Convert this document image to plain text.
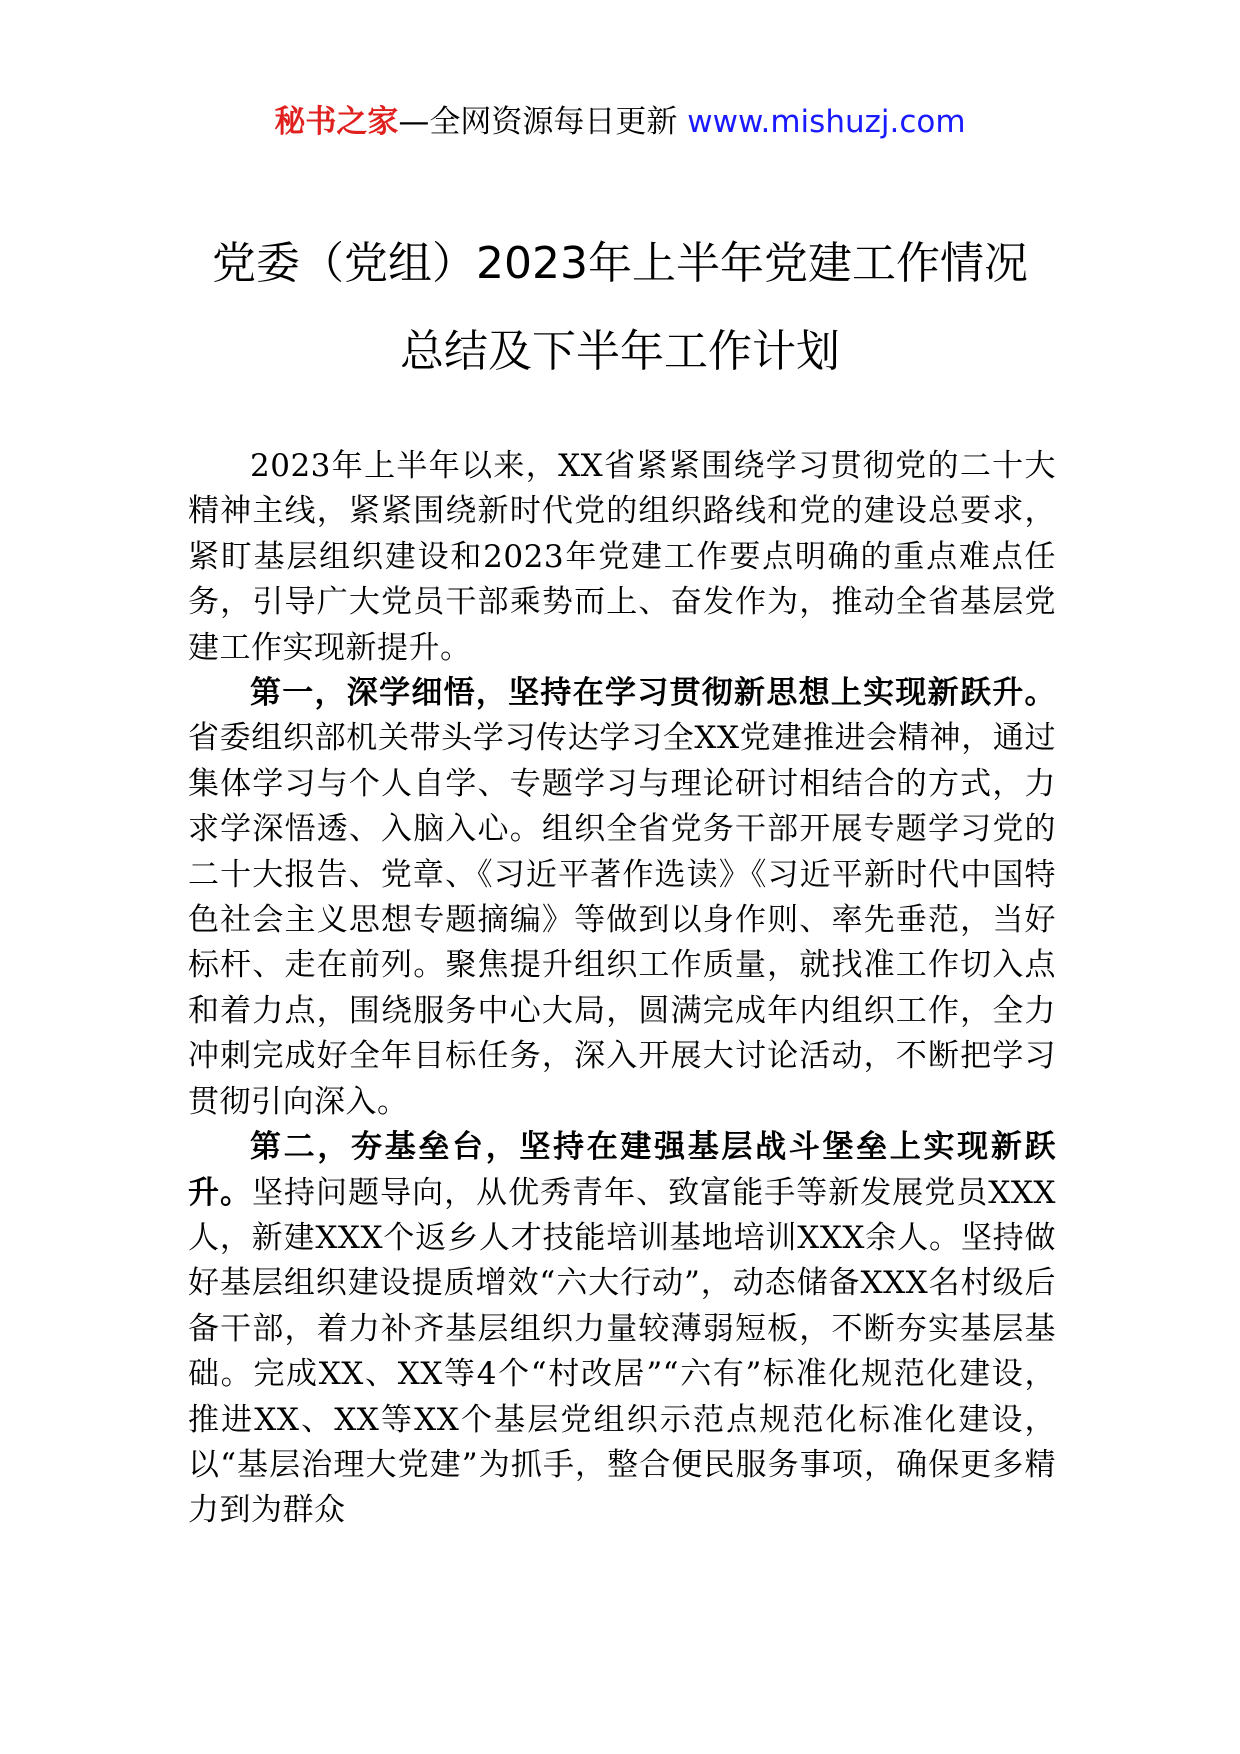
秘书之家—全网资源每日更新 www.mishuzj.com
党委（党组）2023年上半年党建工作情况
总结及下半年工作计划

2023年上半年以来，XX省紧紧围绕学习贯彻党的二十大精神主线，紧紧围绕新时代党的组织路线和党的建设总要求，紧盯基层组织建设和2023年党建工作要点明确的重点难点任务，引导广大党员干部乘势而上、奋发作为，推动全省基层党建工作实现新提升。

第一，深学细悟，坚持在学习贯彻新思想上实现新跃升。省委组织部机关带头学习传达学习全XX党建推进会精神，通过集体学习与个人自学、专题学习与理论研讨相结合的方式，力求学深悟透、入脑入心。组织全省党务干部开展专题学习党的二十大报告、党章、《习近平著作选读》《习近平新时代中国特色社会主义思想专题摘编》等做到以身作则、率先垂范，当好标杆、走在前列。聚焦提升组织工作质量，就找准工作切入点和着力点，围绕服务中心大局，圆满完成年内组织工作，全力冲刺完成好全年目标任务，深入开展大讨论活动，不断把学习贯彻引向深入。

第二，夯基垒台，坚持在建强基层战斗堡垒上实现新跃升。坚持问题导向，从优秀青年、致富能手等新发展党员XXX人，新建XXX个返乡人才技能培训基地培训XXX余人。坚持做好基层组织建设提质增效“六大行动”，动态储备XXX名村级后备干部，着力补齐基层组织力量较薄弱短板，不断夯实基层基础。完成XX、XX等4个“村改居”“六有”标准化规范化建设，推进XX、XX等XX个基层党组织示范点规范化标准化建设，以“基层治理大党建”为抓手，整合便民服务事项，确保更多精力到为群众
